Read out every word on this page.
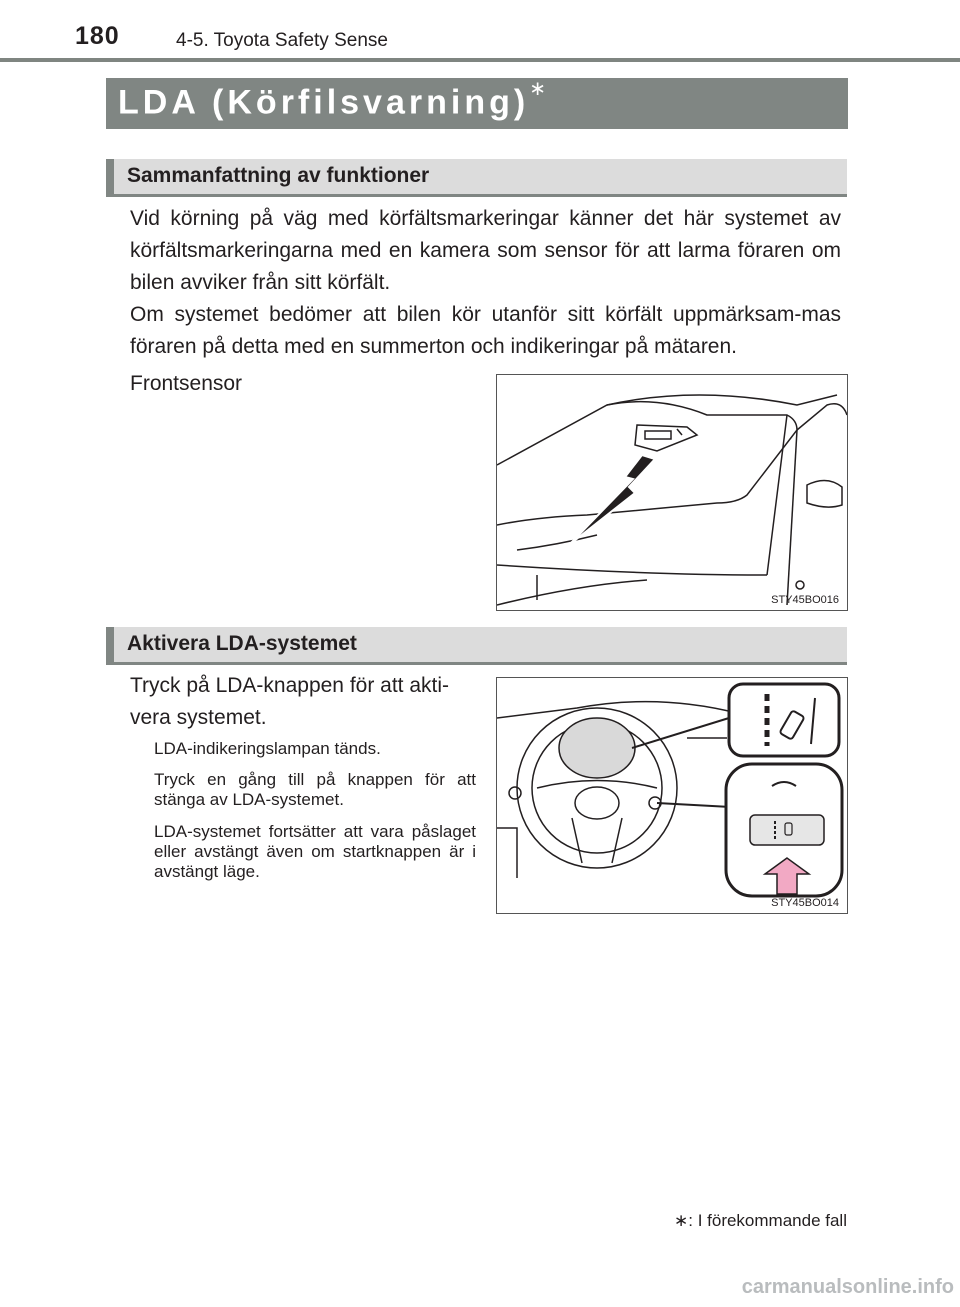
180	4-5. Toyota Safety Sense
LDA (Körfilsvarning)∗
Sammanfattning av funktioner
Vid körning på väg med körfältsmarkeringar känner det här systemet av körfältsmarkeringarna med en kamera som sensor för att larma föraren om bilen avviker från sitt körfält.
Om systemet bedömer att bilen kör utanför sitt körfält uppmärksam-mas föraren på detta med en summerton och indikeringar på mätaren.
Frontsensor
STY45BO016
Aktivera LDA-systemet
Tryck på LDA-knappen för att akti-vera systemet.
LDA-indikeringslampan tänds.
Tryck en gång till på knappen för att stänga av LDA-systemet.
LDA-systemet fortsätter att vara påslaget eller avstängt även om startknappen är i avstängt läge.
STY45BO014
∗: I förekommande fall
carmanualsonline.info
